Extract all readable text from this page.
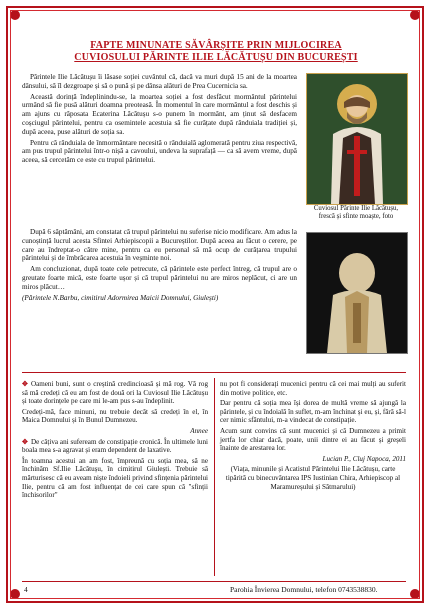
FAPTE MINUNATE SĂVÂRȘITE PRIN MIJLOCIREA
CUVIOSULUI PĂRINTE ILIE LĂCĂTUȘU DIN BUCUREȘTI

Părintele Ilie Lăcătușu îi lăsase soției cuvântul că, dacă va muri după 15 ani de la moartea dânsului, să îl dezgroape și să o pună și pe dânsa alături de Prea Cucernicia sa.

Această dorință îndeplinindu-se, la moartea soției a fost desfăcut mormântul părintelui urmând să fie pusă alături doamna preoteasă. În momentul în care mormântul a fost deschis și am ajuns cu răposata Ecaterina Lăcătușu s-o punem în mormânt, am ținut să desfacem coșciugul părintelui, pentru ca osemintele acestuia să fie curățate după rânduiala tradiției și, după aceea, puse alături de soția sa.

Pentru că rânduiala de înmormântare necesită o rânduială aglomerată pentru ziua respectivă, am pus trupul părintelui într-o nișă a cavoului, undeva la suprafață — ca să avem vreme, după aceea, să cercetăm ce este cu trupul părintelui.

Cuviosul Părinte Ilie Lăcătușu, frescă și sfinte moaște, foto

După 6 săptămâni, am constatat că trupul părintelui nu suferise nicio modificare. Am adus la cunoștință lucrul acesta Sfintei Arhiepiscopii a Bucureștilor. După aceea au făcut o cerere, pe care au îndreptat-o către mine, pentru ca eu personal să mă ocup de curățarea trupului părintelui și de îmbrăcarea acestuia în veșminte noi.

Am concluzionat, după toate cele petrecute, că părintele este perfect întreg, că trupul are o greutate foarte mică, este foarte ușor și că trupul părintelui nu are miros neplăcut, ci are un miros plăcut…

(Părintele N.Barbu, cimitirul Adormirea Maicii Domnului, Giulești)

✥ Oameni buni, sunt o creștină credincioasă și mă rog. Vă rog să mă credeți că eu am fost de două ori la Cuviosul Ilie Lăcătușu și toate dorințele pe care mi le-am pus s-au îndeplinit.

Credeți-mă, face minuni, nu trebuie decât să credeți în el, în Maica Domnului și în Bunul Dumnezeu.

Annee

✥ De câțiva ani sufeream de constipație cronică. În ultimele luni boala mea s-a agravat și eram dependent de laxative.

În toamna acestui an am fost, împreună cu soția mea, să ne închinăm Sf.Ilie Lăcătușu, în cimitirul Giulești. Trebuie să mărturisesc că eu aveam niște îndoieli privind sfințenia părintelui Ilie, pentru că am fost influențat de cei care spun că "sfinții închisorilor"

nu pot fi considerați mucenici pentru că cei mai mulți au suferit din motive politice, etc.

Dar pentru că soția mea își dorea de multă vreme să ajungă la părintele, și cu îndoială în suflet, m-am închinat și eu, și, fără să-l cer nimic sfântului, m-a vindecat de constipație.

Acum sunt convins că sunt mucenici și că Dumnezeu a primit jertfa lor chiar dacă, poate, unii dintre ei au făcut și greșeli înainte de arestarea lor.

Lucian P., Cluj Napoca, 2011

(Viața, minunile și Acatistul Părintelui Ilie Lăcătușu, carte tipărită cu binecuvântarea IPS Iustinian Chira, Arhiepiscop al Maramureșului și Sătmarului)

4	Parohia Învierea Domnului, telefon 0743538830.
